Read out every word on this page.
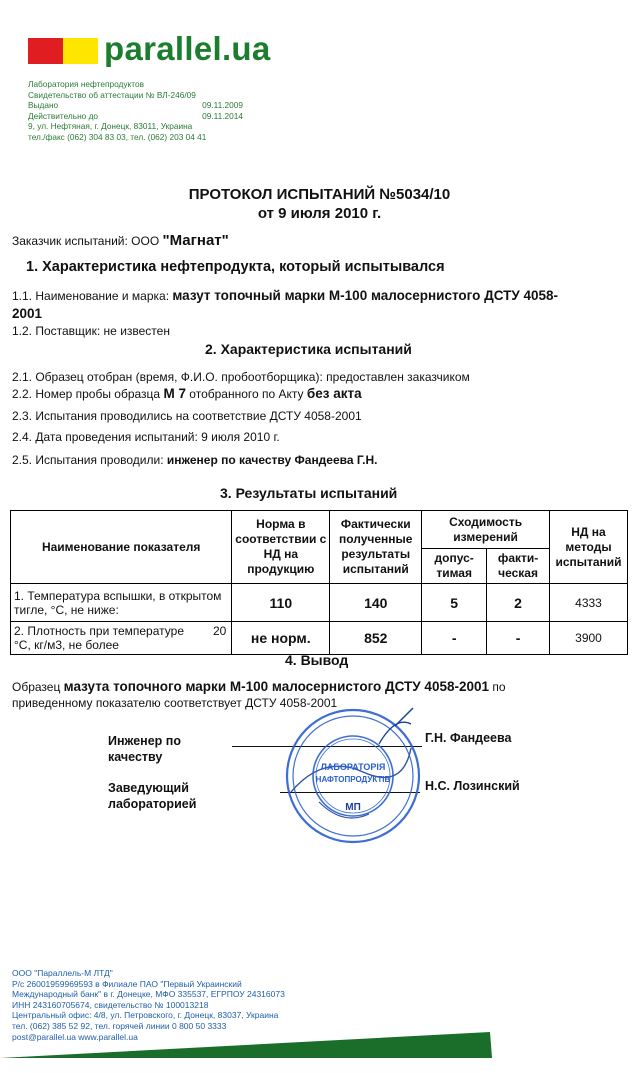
parallel.ua
Лаборатория нефтепродуктов
Свидетельство об аттестации № ВЛ-246/09
Выдано	09.11.2009
Действительно до	09.11.2014
9, ул. Нефтяная, г. Донецк, 83011, Украина
тел./факс (062) 304 83 03, тел. (062) 203 04 41
ПРОТОКОЛ ИСПЫТАНИЙ №5034/10
от 9 июля 2010 г.
Заказчик испытаний: ООО "Магнат"
1. Характеристика нефтепродукта, который испытывался
1.1. Наименование и марка: мазут топочный марки М-100 малосернистого ДСТУ 4058-
2001
1.2. Поставщик: не известен
2. Характеристика испытаний
2.1. Образец отобран (время, Ф.И.О. пробоотборщика): предоставлен заказчиком
2.2. Номер пробы образца М 7 отобранного по Акту без акта
2.3. Испытания проводились на соответствие ДСТУ 4058-2001
2.4. Дата проведения испытаний: 9 июля 2010 г.
2.5. Испытания проводили: инженер по качеству Фандеева Г.Н.
3. Результаты испытаний
Наименование показателя	Норма в соответствии с НД на продукцию	Фактически полученные результаты испытаний	Сходимость измерений		НД на методы испытаний
			допус-тимая	факти-ческая	
1. Температура вспышки, в открытом тигле, °С, не ниже:	110	140	5	2	4333

2. Плотность при температуре 20
°С, кг/м3, не более	не норм.	852	-	-	3900
4. Вывод
Образец мазута топочного марки М-100 малосернистого ДСТУ 4058-2001 по
приведенному показателю соответствует ДСТУ 4058-2001
Инженер по качеству
Г.Н. Фандеева
Заведующий лабораторией
Н.С. Лозинский
ЛАБОРАТОРІЯ
НАФТОПРОДУКТІВ
МП
ООО "Параллель-М ЛТД"
Р/с 26001959969593 в Филиале ПАО "Первый Украинский
Международный банк" в г. Донецке, МФО 335537, ЕГРПОУ 24316073
ИНН 243160705674, свидетельство № 100013218
Центральный офис: 4/8, ул. Петровского, г. Донецк, 83037, Украина
тел. (062) 385 52 92, тел. горячей линии 0 800 50 3333
post@parallel.ua www.parallel.ua
